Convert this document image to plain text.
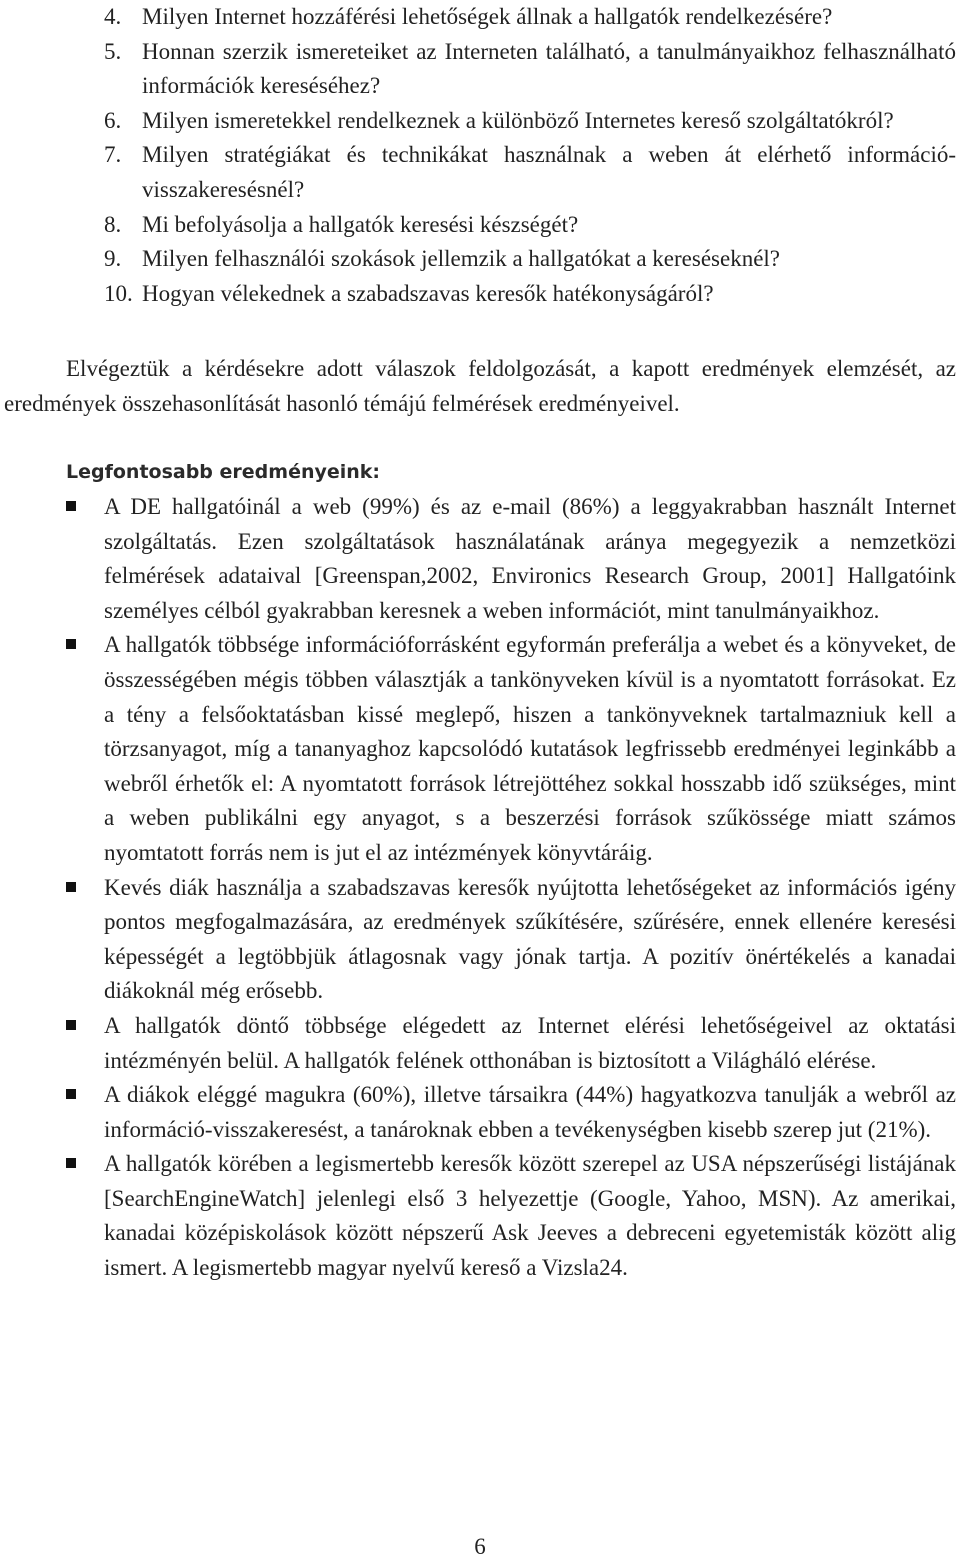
4. Milyen Internet hozzáférési lehetőségek állnak a hallgatók rendelkezésére?
5. Honnan szerzik ismereteiket az Interneten található, a tanulmányaikhoz felhasználható információk kereséséhez?
6. Milyen ismeretekkel rendelkeznek a különböző Internetes kereső szolgáltatókról?
7. Milyen stratégiákat és technikákat használnak a weben át elérhető információ-visszakeresésnél?
8. Mi befolyásolja a hallgatók keresési készségét?
9. Milyen felhasználói szokások jellemzik a hallgatókat a kereséseknél?
10. Hogyan vélekednek a szabadszavas keresők hatékonyságáról?

Elvégeztük a kérdésekre adott válaszok feldolgozását, a kapott eredmények elemzését, az eredmények összehasonlítását hasonló témájú felmérések eredményeivel.

Legfontosabb eredményeink:
A DE hallgatóinál a web (99%) és az e-mail (86%) a leggyakrabban használt Internet szolgáltatás. Ezen szolgáltatások használatának aránya megegyezik a nemzetközi felmérések adataival [Greenspan,2002, Environics Research Group, 2001] Hallgatóink személyes célból gyakrabban keresnek a weben információt, mint tanulmányaikhoz.
A hallgatók többsége információforrásként egyformán preferálja a webet és a könyveket, de összességében mégis többen választják a tankönyveken kívül is a nyomtatott forrásokat. Ez a tény a felsőoktatásban kissé meglepő, hiszen a tankönyveknek tartalmazniuk kell a törzsanyagot, míg a tananyaghoz kapcsolódó kutatások legfrissebb eredményei leginkább a webről érhetők el: A nyomtatott források létrejöttéhez sokkal hosszabb idő szükséges, mint a weben publikálni egy anyagot, s a beszerzési források szűkössége miatt számos nyomtatott forrás nem is jut el az intézmények könyvtáráig.
Kevés diák használja a szabadszavas keresők nyújtotta lehetőségeket az információs igény pontos megfogalmazására, az eredmények szűkítésére, szűrésére, ennek ellenére keresési képességét a legtöbbjük átlagosnak vagy jónak tartja. A pozitív önértékelés a kanadai diákoknál még erősebb.
A hallgatók döntő többsége elégedett az Internet elérési lehetőségeivel az oktatási intézményén belül. A hallgatók felének otthonában is biztosított a Világháló elérése.
A diákok eléggé magukra (60%), illetve társaikra (44%) hagyatkozva tanulják a webről az információ-visszakeresést, a tanároknak ebben a tevékenységben kisebb szerep jut (21%).
A hallgatók körében a legismertebb keresők között szerepel az USA népszerűségi listájának [SearchEngineWatch] jelenlegi első 3 helyezettje (Google, Yahoo, MSN). Az amerikai, kanadai középiskolások között népszerű Ask Jeeves a debreceni egyetemisták között alig ismert. A legismertebb magyar nyelvű kereső a Vizsla24.
6
